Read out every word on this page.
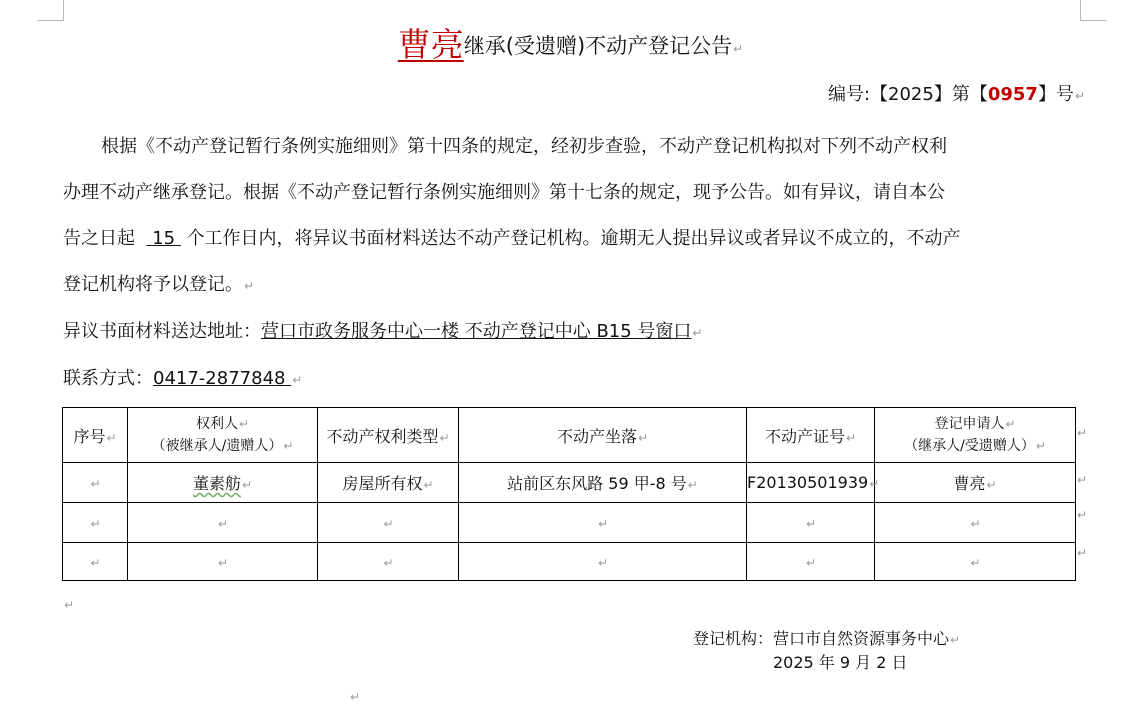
曹亮继承(受遗赠)不动产登记公告↵
编号:【2025】第【0957】号↵
根据《不动产登记暂行条例实施细则》第十四条的规定，经初步查验，不动产登记机构拟对下列不动产权利
办理不动产继承登记。根据《不动产登记暂行条例实施细则》第十七条的规定，现予公告。如有异议，请自本公
告之日起 15 个工作日内，将异议书面材料送达不动产登记机构。逾期无人提出异议或者异议不成立的，不动产
登记机构将予以登记。↵
异议书面材料送达地址：营口市政务服务中心一楼 不动产登记中心 B15 号窗口↵
联系方式：0417-2877848 ↵
序号↵	权利人↵
（被继承人/遗赠人）↵	不动产权利类型↵	不动产坐落↵	不动产证号↵	登记申请人↵
（继承人/受遗赠人）↵
↵	董素舫↵	房屋所有权↵	站前区东风路 59 甲-8 号↵	F20130501939↵	曹亮↵
↵	↵	↵	↵	↵	↵
↵	↵	↵	↵	↵	↵
↵
↵
↵
↵
↵
登记机构：营口市自然资源事务中心↵
2025 年 9 月 2 日
↵
